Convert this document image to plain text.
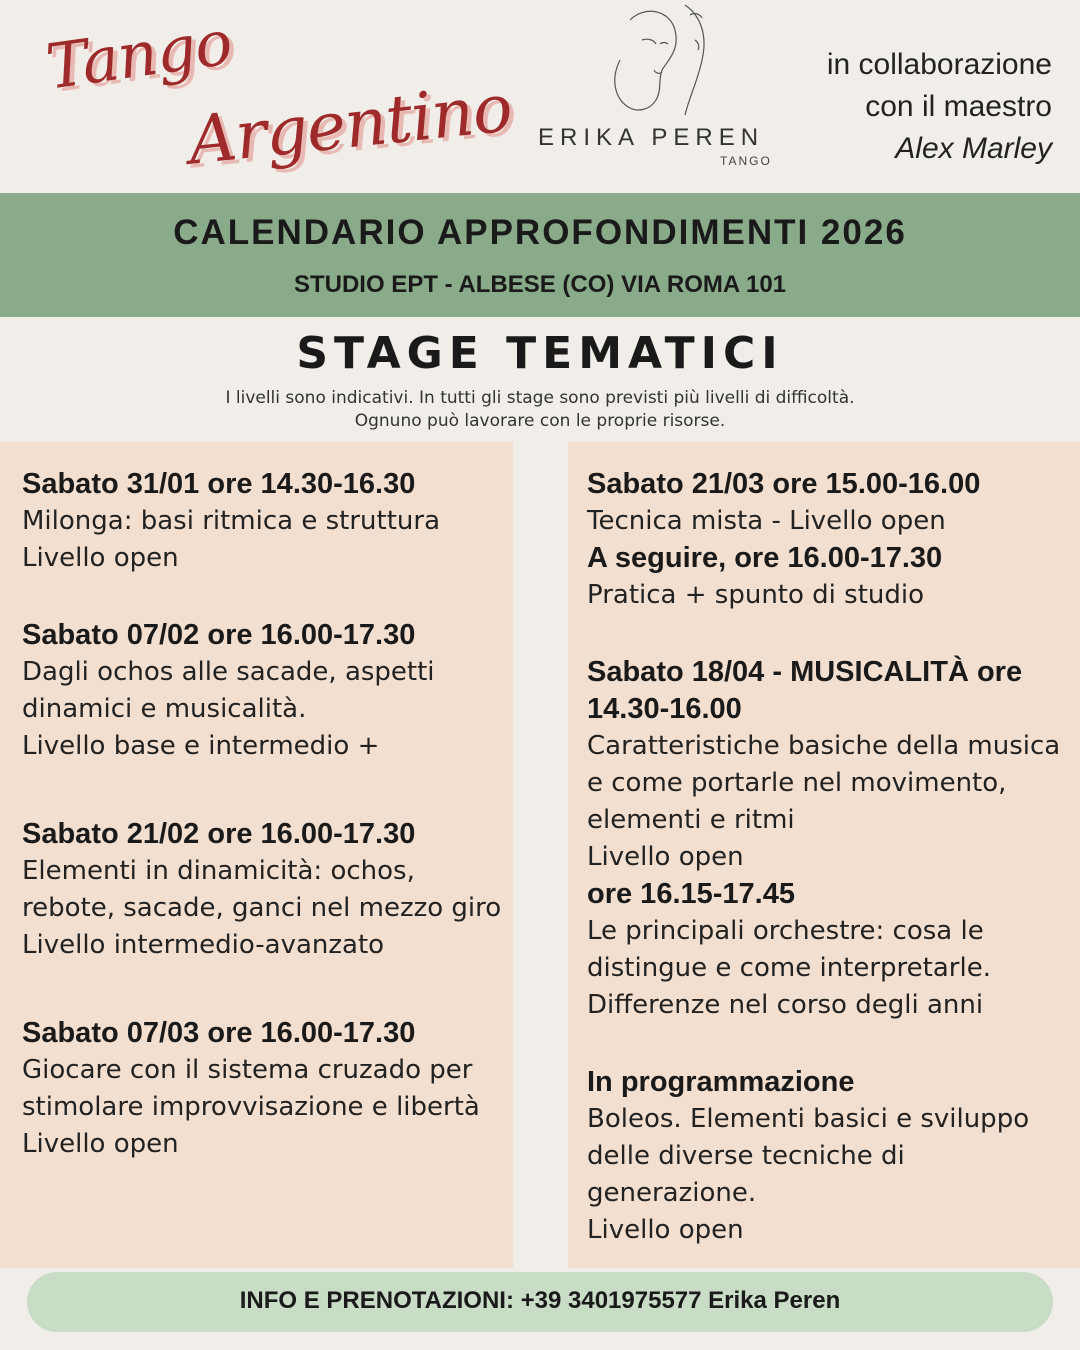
Tango
Argentino ERIKA PEREN
TANGO
in collaborazione
con il maestro
Alex Marley
CALENDARIO APPROFONDIMENTI 2026
STUDIO EPT - ALBESE (CO) VIA ROMA 101
STAGE TEMATICI
I livelli sono indicativi. In tutti gli stage sono previsti più livelli di difficoltà.
Ognuno può lavorare con le proprie risorse.
Sabato 31/01 ore 14.30-16.30
Milonga: basi ritmica e struttura
Livello open
Sabato 07/02 ore 16.00-17.30
Dagli ochos alle sacade, aspetti dinamici e musicalità.
Livello base e intermedio +
Sabato 21/02 ore 16.00-17.30
Elementi in dinamicità: ochos, rebote, sacade, ganci nel mezzo giro
Livello intermedio-avanzato
Sabato 07/03 ore 16.00-17.30
Giocare con il sistema cruzado per stimolare improvvisazione e libertà
Livello open
Sabato 21/03 ore 15.00-16.00
Tecnica mista - Livello open
A seguire, ore 16.00-17.30
Pratica + spunto di studio
Sabato 18/04 - MUSICALITÀ ore 14.30-16.00
Caratteristiche basiche della musica e come portarle nel movimento, elementi e ritmi
Livello open
ore 16.15-17.45
Le principali orchestre: cosa le distingue e come interpretarle. Differenze nel corso degli anni
In programmazione
Boleos. Elementi basici e sviluppo delle diverse tecniche di generazione.
Livello open
INFO E PRENOTAZIONI: +39 3401975577 Erika Peren
